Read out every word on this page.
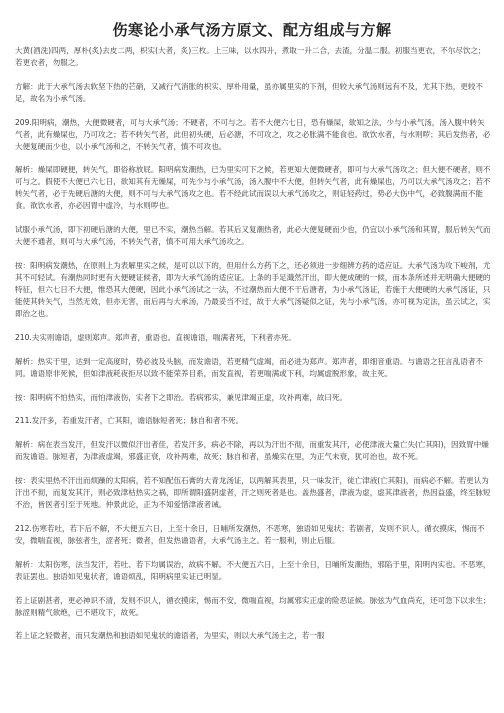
伤寒论小承气汤方原文、配方组成与方解

大黄(酒洗)四两，厚朴(炙)去皮二两，枳实(大者，炙)三枚。上三味，以水四升，煮取一升二合，去渣，分温二服。初服当更衣，不尔尽饮之；若更衣者，勿服之。

方解：此于大承气汤去软坚下热的芒硝，又减行气消胀的枳实、厚朴用量，虽亦属里实的下剂，但较大承气汤则远有不及，尤其下热，更较不足，故名为小承气汤。

209.阳明病，潮热，大便微硬者，可与大承气汤；不硬者，不可与之。若不大便六七日，恐有燥屎，欲知之法，少与小承气汤，汤入腹中转矢气者，此有燥屎也，乃可攻之；若不转矢气者，此但初头硬，后必溏，不可攻之，攻之必胀满不能食也。欲饮水者，与水则哕；其后发热者，必大便复硬而少也，以小承气汤和之，不转矢气者，慎不可攻也。

解析：燥屎即硬便，转矢气，即俗称放屁。阳明病发潮热，已为里实可下之候，若更知大便微硬者，即可与大承气汤攻之；但大便不硬者，则不可与之。假使不大便已六七日，欲知其有无燥屎，可先少与小承气汤，汤入腹中不大便，但转矢气者，此有燥屎也，乃可以大承气汤攻之；若不转矢气者，必于先硬后溏的大便，则不可与大承气汤攻之也。若不经此试而误以大承气汤攻之，则证轻药过，势必大伤中气，必致腹满而不能食。欲饮水者，亦必因胃中虚冷，与水则哕也。

试服小承气汤，即下初硬后溏的大便，里已不实，潮热当解。若其后又复潮热者，此必大便复硬而少也，仍宜以小承气汤和其胃，服后转矢气而大便不通者，则可与大承气汤，不转矢气者，慎不可用大承气汤攻之。

按：阳明病发潮热，在原则上为表解里实之候，是可以以下的，但用什么方药下之，还必须进一步细辨方药的适应证。大承气汤为攻下峻剂，尤其不可轻试。有潮热同时更有大便硬证候者，即为大承气汤的适应证。上条的手足濈然汗出，即大便成硬的一候，而本条所述并无明确大便硬的特征，但六七日不大便，惟恐其大便硬，因此小承气汤试之一法，不过潮热而大便不干后溏者，为小承气汤证，若施于大便硬的大承气汤证，只能使其转矢气，当然无效，但亦无害，而后再与大承汤，乃最妥当不过，故于大承气汤疑似之证，先与小承气汤，亦可视为定法，虽云试之，实即治之也。

210.夫实则谵语，虚则郑声。郑声者，重语也。直视谵语，喘满者死，下利者亦死。

解析：热实于里，达到一定高度时，势必波及头脑，而发谵语，若更精气虚竭，而必进为郑声。郑声者，即细音重语。与谵语之狂言乱语者不同。谵语原非死候，但如津液耗夜拒尽以致不能荣养目系，而发直视，若更喘满或下利，均属虚脱形象，故主死。

按：阳明病不怕热实，而怕津液伤，实者下之即治。若病邪实，兼见津竭正虚，攻补两难，故曰死。

211.发汗多，若重发汗者，亡其阳，谵语脉短者死；脉自和者不死。

解析：病在表当发汗，但发汗以微似汗出者佳，若发汗多，病必不除，再以为汗出不彻，而重发其汗，必使津液大量亡失(亡其阳)，因致胃中燥而发谵语。脉短者，为津液虚竭，邪盛正衰，攻补两难，故死；脉自和者，虽燥实在里，为正气未衰，犹可治也，故不死。

按：表实里热不汗出而烦躁的太阳病，若不知配伍石膏的大青龙汤证，以两解其表里，只一味发汗，徒亡津液(亡其阳)，而病必不解。若更认为汗出不彻，而复发其汗，则必致津枯热实之祸，即所谓阳盛阴虚者，汗之则死者是也。盖热盛者，津液为虚，虚其津液者，热因益盛，终至脉短不治，皆医者引至于死地。仲景此论，正为不知爱惜津液者诫。

212.伤寒若吐，若下后不解，不大便五六日，上至十余日，日晡所发潮热，不恶寒，独语如见鬼状；若剧者，发则不识人，循衣摸床，惕而不安，微喘直视，脉弦者生，涩者死；微者，但发热谵语者，大承气汤主之。若一服利，则止后服。

解析：太阳伤寒，法当发汗，若吐、若下均属误治，故病不解。不大便五六日，上至十余日，日晡所发潮热，邪陷于里，阳明内实也。不恶寒，表证罢也。独语如见鬼状者，谵语烦乱，阳明病里实证已明显。

若上证剧甚者，更必神识不清，发则不识人，循衣摸床，惕而不安，微喘直视，均属邪实正虚的险恶证候。脉弦为气血尚充，还可急下以求生；脉涩则精气欲绝，已不堪攻下，故死。

若上证之轻微者，而只发潮热和独语如见鬼状的谵语者，为里实，则以大承气汤主之，若一服
